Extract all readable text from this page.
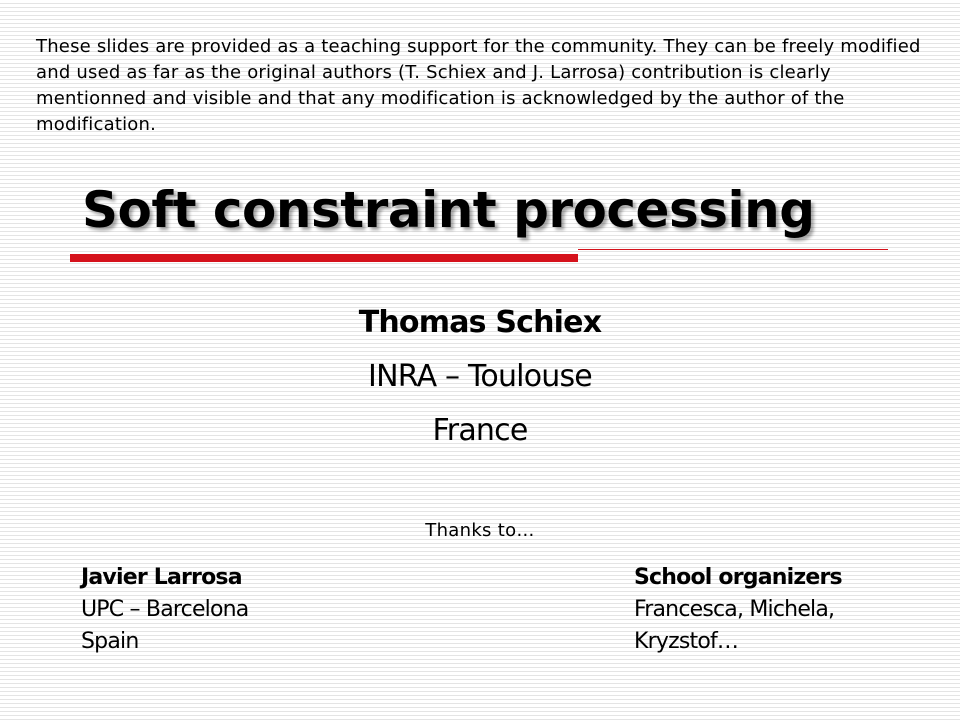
These slides are provided as a teaching support for the community. They can be freely modified and used as far as the original authors (T. Schiex and J. Larrosa) contribution is clearly mentionned and visible and that any modification is acknowledged by the author of the modification.
Soft constraint processing
Thomas Schiex
INRA – Toulouse
France
Thanks to…
Javier Larrosa
UPC – Barcelona
Spain
School organizers
Francesca, Michela,
Kryzstof…
